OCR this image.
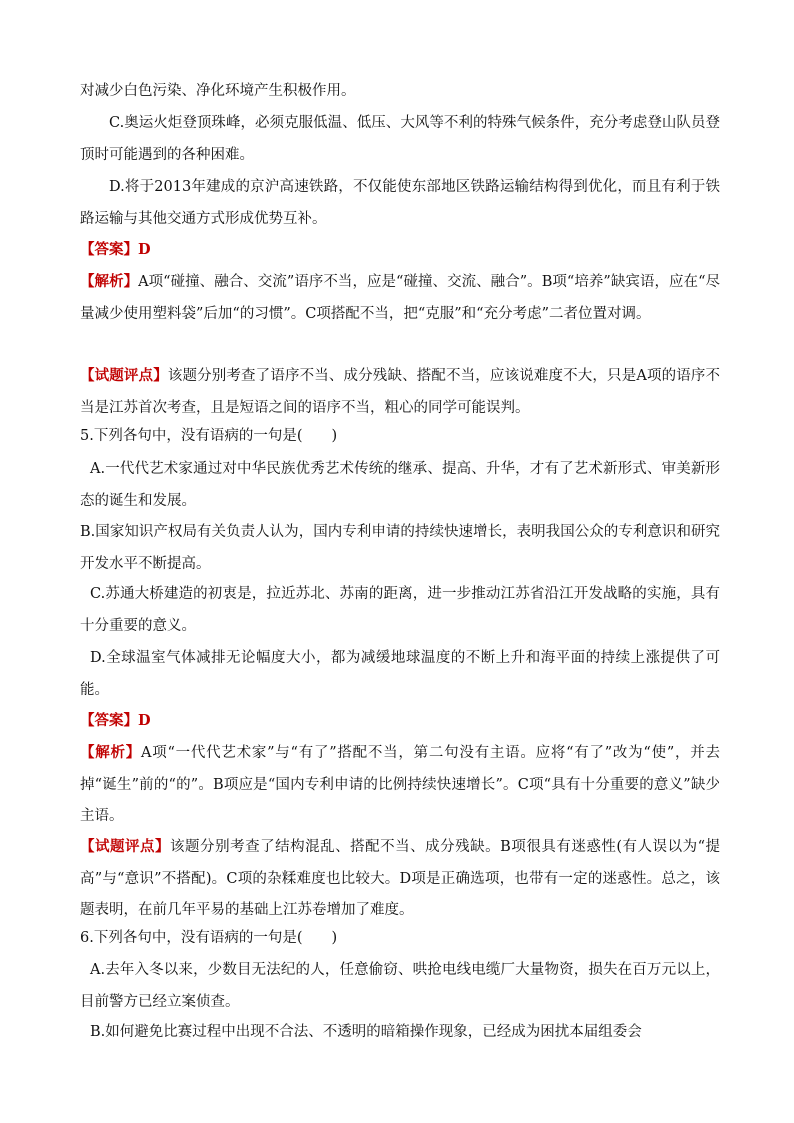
对减少白色污染、净化环境产生积极作用。

C.奥运火炬登顶珠峰，必须克服低温、低压、大风等不利的特殊气候条件，充分考虑登山队员登顶时可能遇到的各种困难。

D.将于2013年建成的京沪高速铁路，不仅能使东部地区铁路运输结构得到优化，而且有利于铁路运输与其他交通方式形成优势互补。

【答案】D

【解析】A项“碰撞、融合、交流”语序不当，应是“碰撞、交流、融合”。B项“培养”缺宾语，应在“尽量减少使用塑料袋”后加“的习惯”。C项搭配不当，把“克服”和“充分考虑”二者位置对调。

【试题评点】该题分别考查了语序不当、成分残缺、搭配不当，应该说难度不大，只是A项的语序不当是江苏首次考查，且是短语之间的语序不当，粗心的同学可能误判。

5.下列各句中，没有语病的一句是(　　)

A.一代代艺术家通过对中华民族优秀艺术传统的继承、提高、升华，才有了艺术新形式、审美新形态的诞生和发展。

B.国家知识产权局有关负责人认为，国内专利申请的持续快速增长，表明我国公众的专利意识和研究开发水平不断提高。

C.苏通大桥建造的初衷是，拉近苏北、苏南的距离，进一步推动江苏省沿江开发战略的实施，具有十分重要的意义。

D.全球温室气体减排无论幅度大小，都为减缓地球温度的不断上升和海平面的持续上涨提供了可能。

【答案】D

【解析】A项“一代代艺术家”与“有了”搭配不当，第二句没有主语。应将“有了”改为“使”，并去掉“诞生”前的“的”。B项应是“国内专利申请的比例持续快速增长”。C项“具有十分重要的意义”缺少主语。

【试题评点】该题分别考查了结构混乱、搭配不当、成分残缺。B项很具有迷惑性(有人误以为“提高”与“意识”不搭配)。C项的杂糅难度也比较大。D项是正确选项，也带有一定的迷惑性。总之，该题表明，在前几年平易的基础上江苏卷增加了难度。

6.下列各句中，没有语病的一句是(　　)

A.去年入冬以来，少数目无法纪的人，任意偷窃、哄抢电线电缆厂大量物资，损失在百万元以上，目前警方已经立案侦查。

B.如何避免比赛过程中出现不合法、不透明的暗箱操作现象，已经成为困扰本届组委会
